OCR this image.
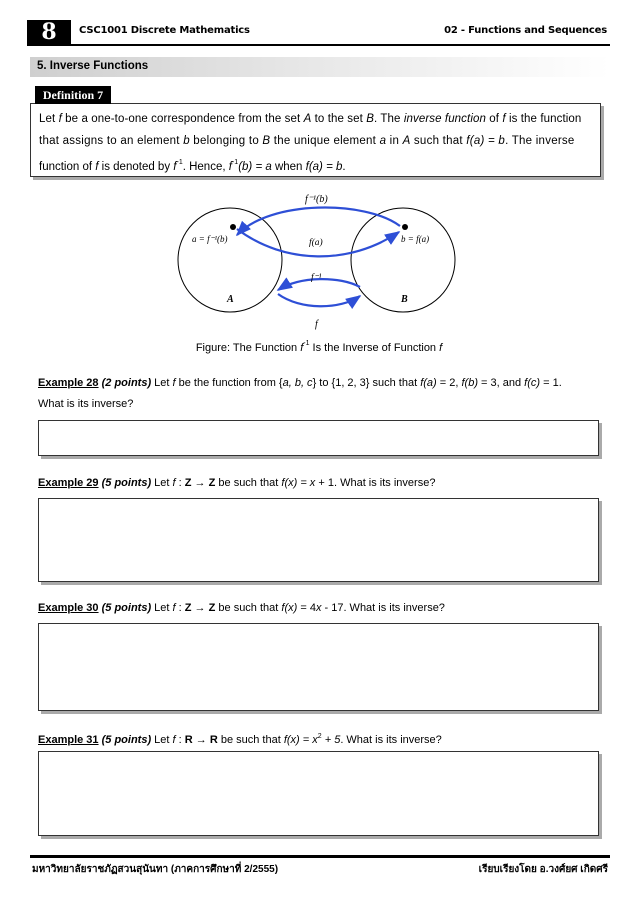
8	CSC1001 Discrete Mathematics	02 - Functions and Sequences
5. Inverse Functions
Let f be a one-to-one correspondence from the set A to the set B. The inverse function of f is the function
that assigns to an element b belonging to B the unique element a in A such that f(a) = b. The inverse
function of f is denoted by $f^{-1}$. Hence, $f^{-1}(b) = a$ when f(a) = b.
Definition 7
f⁻¹(b)
a = f⁻¹(b)	b = f(a)
f(a)
f⁻¹
A	B
f
Figure: The Function $f^{-1}$ Is the Inverse of Function f
Example 28 (2 points) Let f be the function from {a, b, c} to {1, 2, 3} such that f(a) = 2, f(b) = 3, and f(c) = 1.
What is its inverse?
Example 29 (5 points) Let f : Z → Z be such that f(x) = x + 1. What is its inverse?
Example 30 (5 points) Let f : Z → Z be such that f(x) = 4x - 17. What is its inverse?
Example 31 (5 points) Let f : R → R be such that $f(x) = x^2 + 5$. What is its inverse?
มหาวิทยาลัยราชภัฏสวนสุนันทา (ภาคการศึกษาที่ 2/2555)	เรียบเรียงโดย อ.วงศ์ยศ เกิดศรี
